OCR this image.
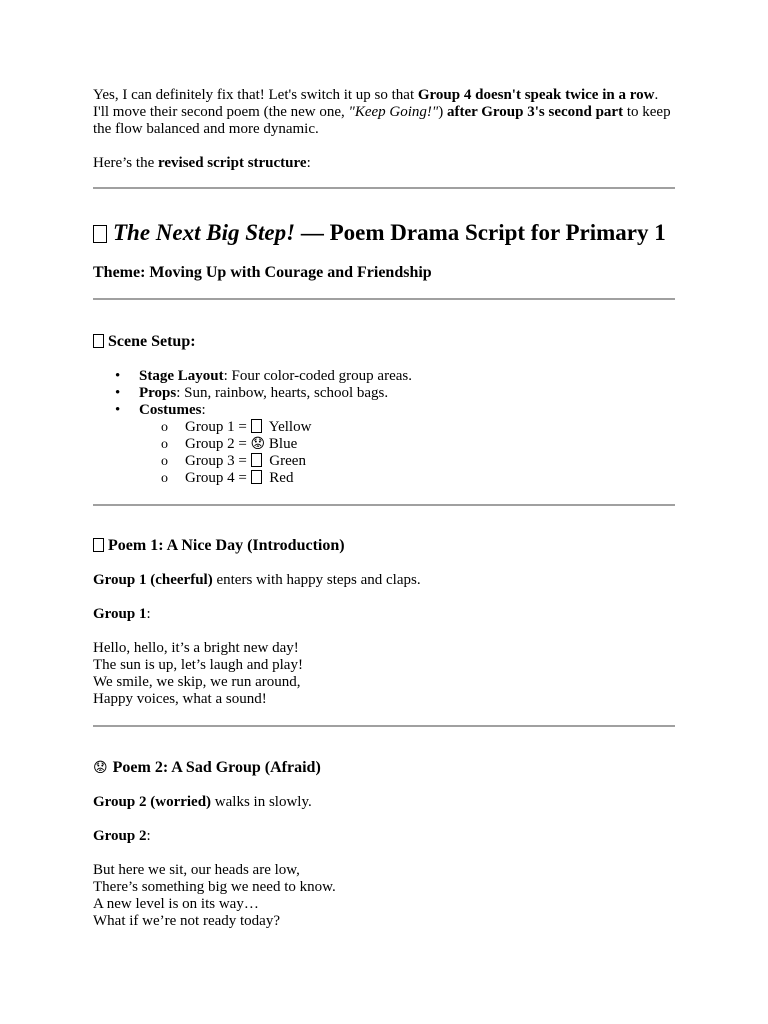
Yes, I can definitely fix that! Let's switch it up so that Group 4 doesn't speak twice in a row. I'll move their second poem (the new one, "Keep Going!") after Group 3's second part to keep the flow balanced and more dynamic.

Here’s the revised script structure:

The Next Big Step! — Poem Drama Script for Primary 1
Theme: Moving Up with Courage and Friendship
Scene Setup:
• Stage Layout: Four color-coded group areas.
• Props: Sun, rainbow, hearts, school bags.
• Costumes:
o Group 1 =  Yellow
o Group 2 = 😟 Blue
o Group 3 =  Green
o Group 4 =  Red
Poem 1: A Nice Day (Introduction)

Group 1 (cheerful) enters with happy steps and claps.

Group 1:

Hello, hello, it’s a bright new day!
The sun is up, let’s laugh and play!
We smile, we skip, we run around,
Happy voices, what a sound!
😟 Poem 2: A Sad Group (Afraid)

Group 2 (worried) walks in slowly.

Group 2:

But here we sit, our heads are low,
There’s something big we need to know.
A new level is on its way…
What if we’re not ready today?
